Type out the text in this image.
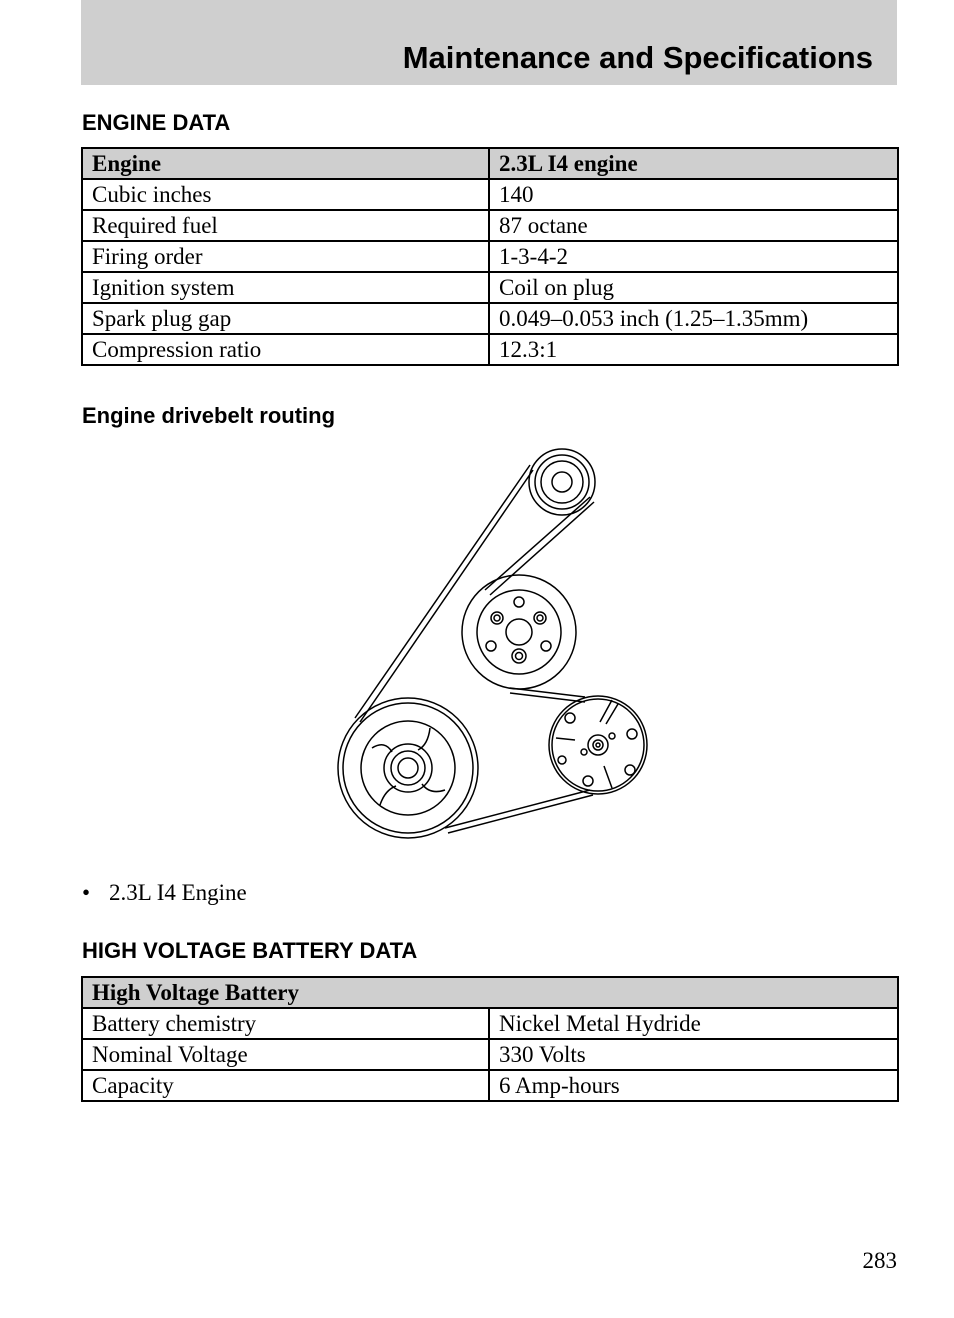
Maintenance and Specifications
ENGINE DATA
Engine	2.3L I4 engine
Cubic inches	140
Required fuel	87 octane
Firing order	1-3-4-2
Ignition system	Coil on plug
Spark plug gap	0.049–0.053 inch (1.25–1.35mm)
Compression ratio	12.3:1
Engine drivebelt routing
• 2.3L I4 Engine
HIGH VOLTAGE BATTERY DATA
High Voltage Battery	
Battery chemistry	Nickel Metal Hydride
Nominal Voltage	330 Volts
Capacity	6 Amp-hours
283
